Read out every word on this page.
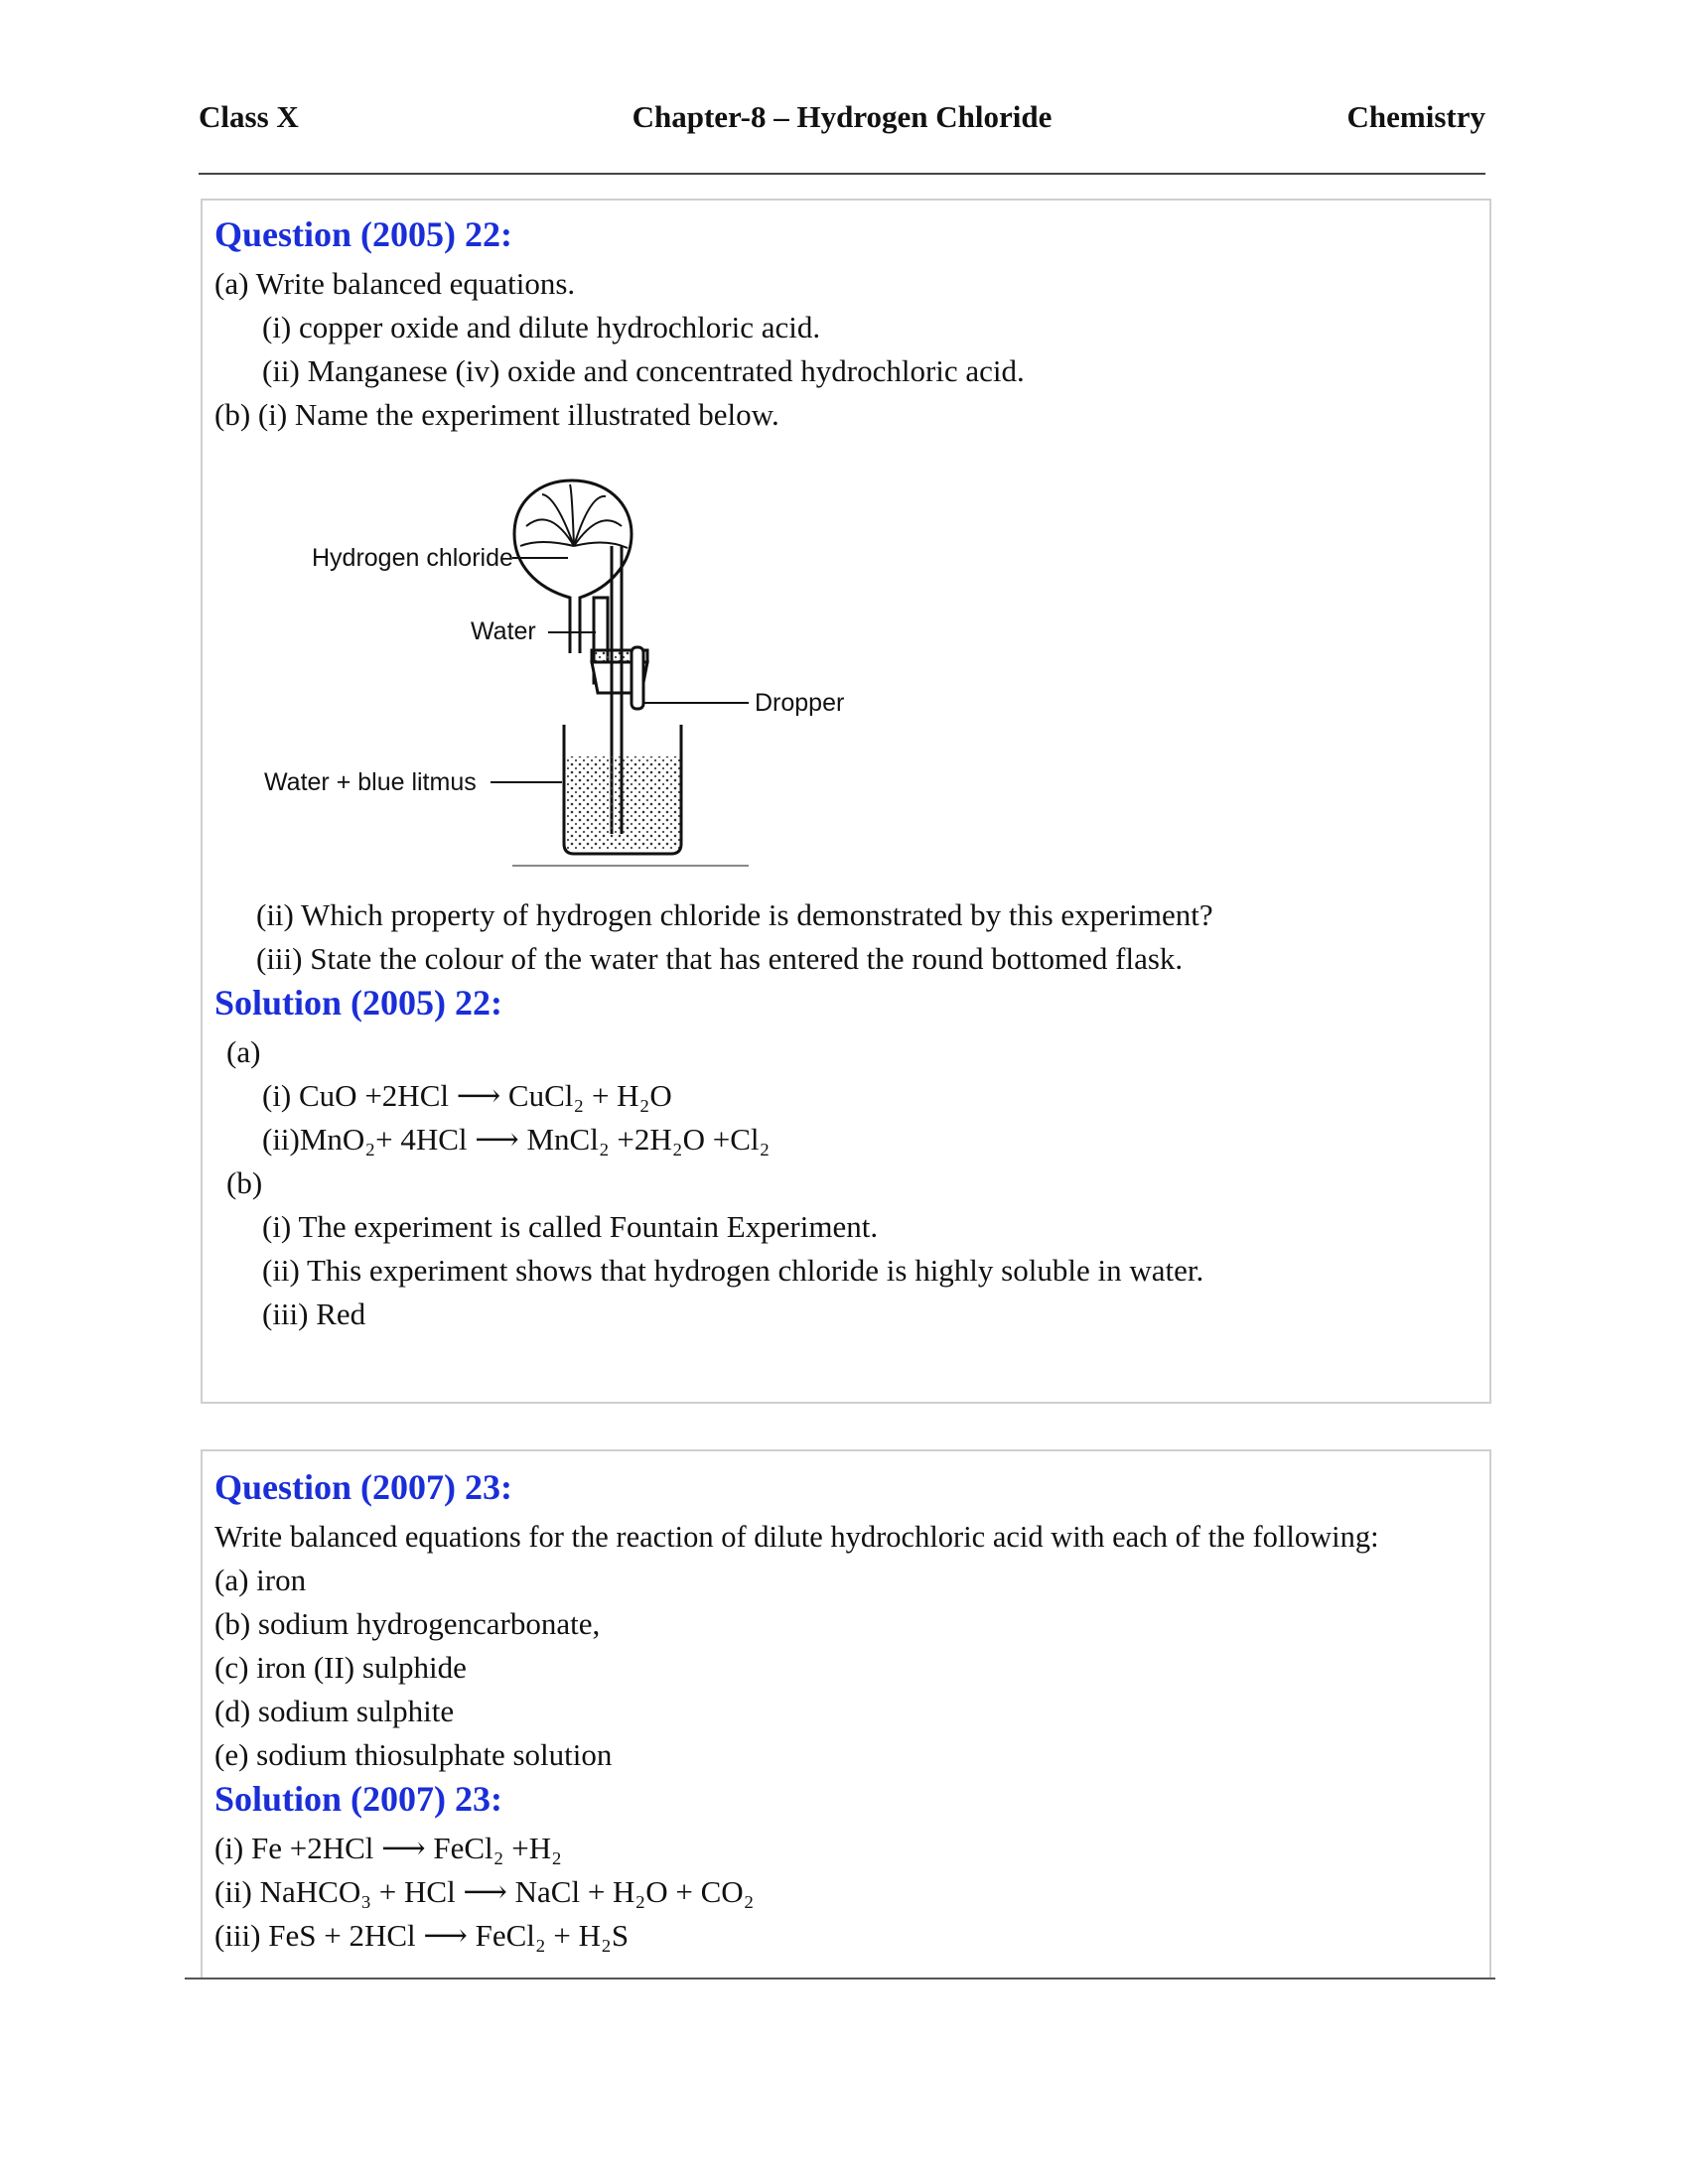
Chapter-8 – Hydrogen Chloride
Class X	Chemistry
Question (2005) 22:
(a) Write balanced equations.
(i) copper oxide and dilute hydrochloric acid.
(ii) Manganese (iv) oxide and concentrated hydrochloric acid.
(b) (i) Name the experiment illustrated below.
Hydrogen chloride
Water
Dropper
Water + blue litmus
(ii) Which property of hydrogen chloride is demonstrated by this experiment?
(iii) State the colour of the water that has entered the round bottomed flask.
Solution (2005) 22:
(a)
(i) CuO +2HCl ⟶ CuCl₂ + H₂O
(ii)MnO₂+ 4HCl ⟶ MnCl₂ +2H₂O +Cl₂
(b)
(i) The experiment is called Fountain Experiment.
(ii) This experiment shows that hydrogen chloride is highly soluble in water.
(iii) Red
Question (2007) 23:
Write balanced equations for the reaction of dilute hydrochloric acid with each of the following:
(a) iron
(b) sodium hydrogencarbonate,
(c) iron (II) sulphide
(d) sodium sulphite
(e) sodium thiosulphate solution
Solution (2007) 23:
(i) Fe +2HCl ⟶ FeCl₂ +H₂
(ii) NaHCO₃ + HCl ⟶ NaCl + H₂O + CO₂
(iii) FeS + 2HCl ⟶ FeCl₂ + H₂S
